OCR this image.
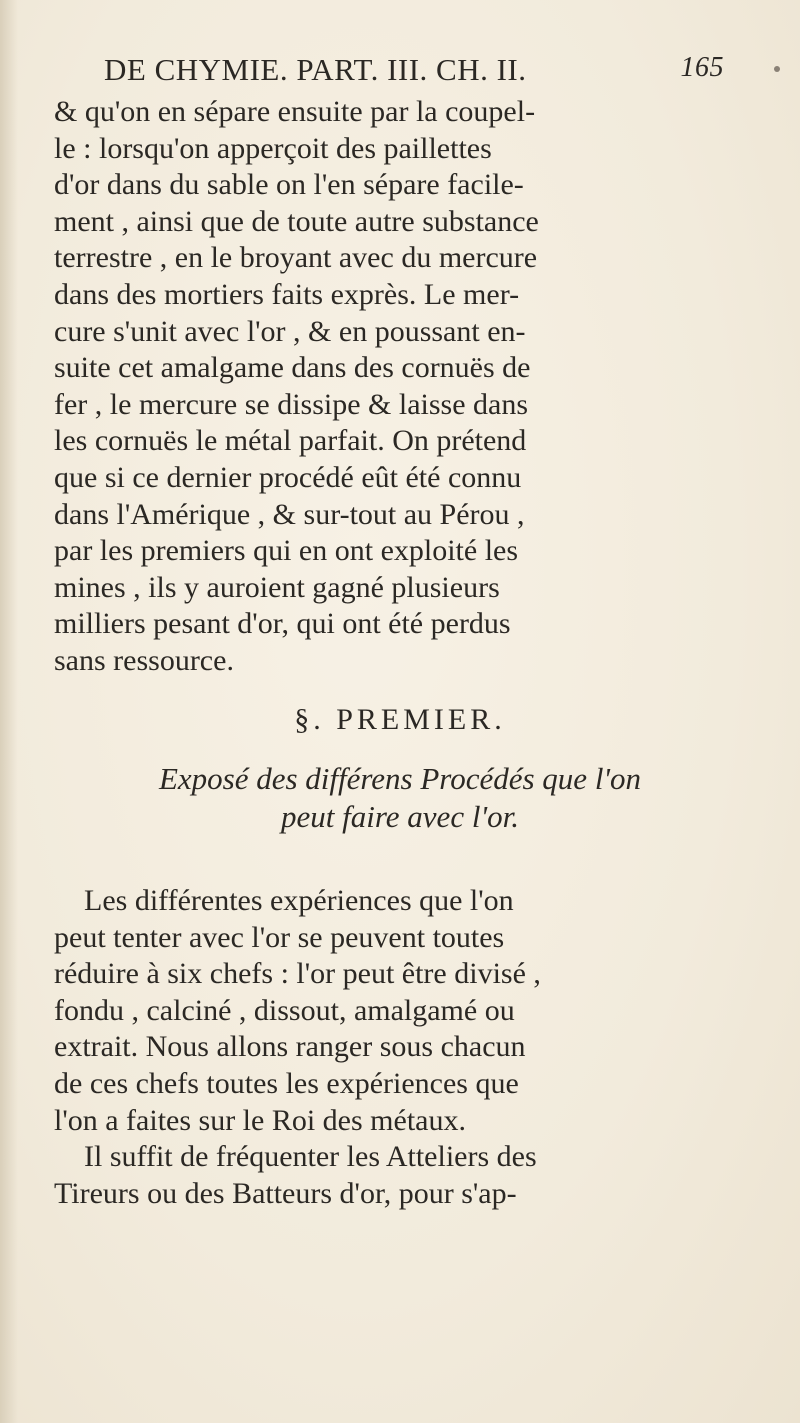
DE CHYMIE. PART. III. CH. II.	165
& qu'on en sépare ensuite par la coupel-
le : lorsqu'on apperçoit des paillettes
d'or dans du sable on l'en sépare facile-
ment , ainsi que de toute autre substance
terrestre , en le broyant avec du mercure
dans des mortiers faits exprès. Le mer-
cure s'unit avec l'or , & en poussant en-
suite cet amalgame dans des cornuës de
fer , le mercure se dissipe & laisse dans
les cornuës le métal parfait. On prétend
que si ce dernier procédé eût été connu
dans l'Amérique , & sur-tout au Pérou ,
par les premiers qui en ont exploité les
mines , ils y auroient gagné plusieurs
milliers pesant d'or, qui ont été perdus
sans ressource.
§. PREMIER.
Exposé des différens Procédés que l'on
peut faire avec l'or.
Les différentes expériences que l'on
peut tenter avec l'or se peuvent toutes
réduire à six chefs : l'or peut être divisé ,
fondu , calciné , dissout, amalgamé ou
extrait. Nous allons ranger sous chacun
de ces chefs toutes les expériences que
l'on a faites sur le Roi des métaux.
Il suffit de fréquenter les Atteliers des
Tireurs ou des Batteurs d'or, pour s'ap-
